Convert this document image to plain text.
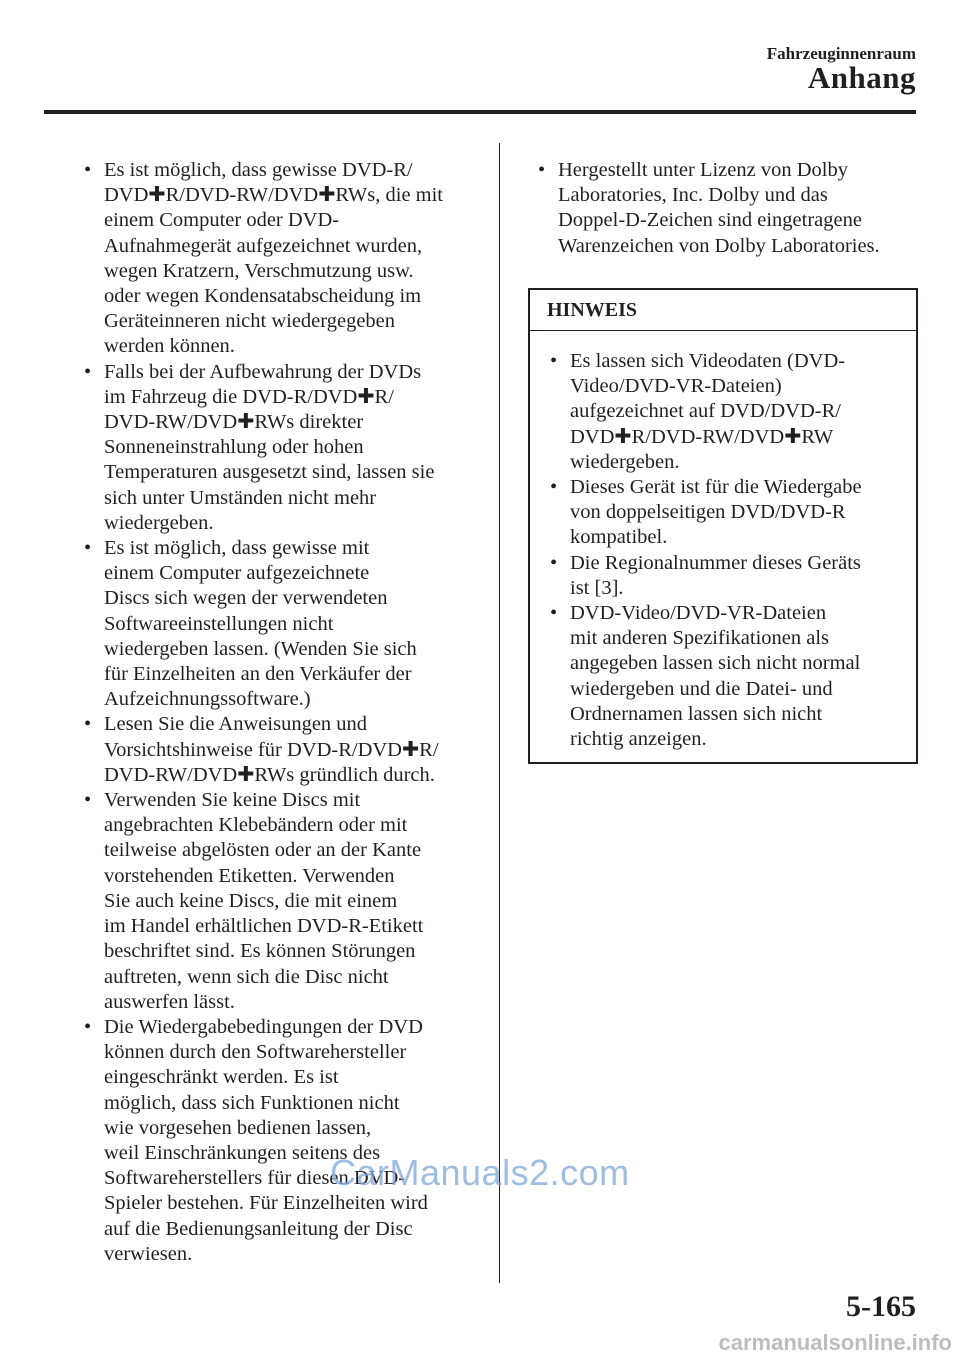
Fahrzeuginnenraum
Anhang
• Es ist möglich, dass gewisse DVD-R/
DVD✚R/DVD-RW/DVD✚RWs, die mit
einem Computer oder DVD-
Aufnahmegerät aufgezeichnet wurden,
wegen Kratzern, Verschmutzung usw.
oder wegen Kondensatabscheidung im
Geräteinneren nicht wiedergegeben
werden können.
• Falls bei der Aufbewahrung der DVDs
im Fahrzeug die DVD-R/DVD✚R/
DVD-RW/DVD✚RWs direkter
Sonneneinstrahlung oder hohen
Temperaturen ausgesetzt sind, lassen sie
sich unter Umständen nicht mehr
wiedergeben.
• Es ist möglich, dass gewisse mit
einem Computer aufgezeichnete
Discs sich wegen der verwendeten
Softwareeinstellungen nicht
wiedergeben lassen. (Wenden Sie sich
für Einzelheiten an den Verkäufer der
Aufzeichnungssoftware.)
• Lesen Sie die Anweisungen und
Vorsichtshinweise für DVD-R/DVD✚R/
DVD-RW/DVD✚RWs gründlich durch.
• Verwenden Sie keine Discs mit
angebrachten Klebebändern oder mit
teilweise abgelösten oder an der Kante
vorstehenden Etiketten. Verwenden
Sie auch keine Discs, die mit einem
im Handel erhältlichen DVD-R-Etikett
beschriftet sind. Es können Störungen
auftreten, wenn sich die Disc nicht
auswerfen lässt.
• Die Wiedergabebedingungen der DVD
können durch den Softwarehersteller
eingeschränkt werden. Es ist
möglich, dass sich Funktionen nicht
wie vorgesehen bedienen lassen,
weil Einschränkungen seitens des
Softwareherstellers für diesen DVD-
Spieler bestehen. Für Einzelheiten wird
auf die Bedienungsanleitung der Disc
verwiesen.
• Hergestellt unter Lizenz von Dolby
Laboratories, Inc. Dolby und das
Doppel-D-Zeichen sind eingetragene
Warenzeichen von Dolby Laboratories.
HINWEIS
• Es lassen sich Videodaten (DVD-
Video/DVD-VR-Dateien)
aufgezeichnet auf DVD/DVD-R/
DVD✚R/DVD-RW/DVD✚RW
wiedergeben.
• Dieses Gerät ist für die Wiedergabe
von doppelseitigen DVD/DVD-R
kompatibel.
• Die Regionalnummer dieses Geräts
ist [3].
• DVD-Video/DVD-VR-Dateien
mit anderen Spezifikationen als
angegeben lassen sich nicht normal
wiedergeben und die Datei- und
Ordnernamen lassen sich nicht
richtig anzeigen.
CarManuals2.com
5-165
carmanualsonline.info
